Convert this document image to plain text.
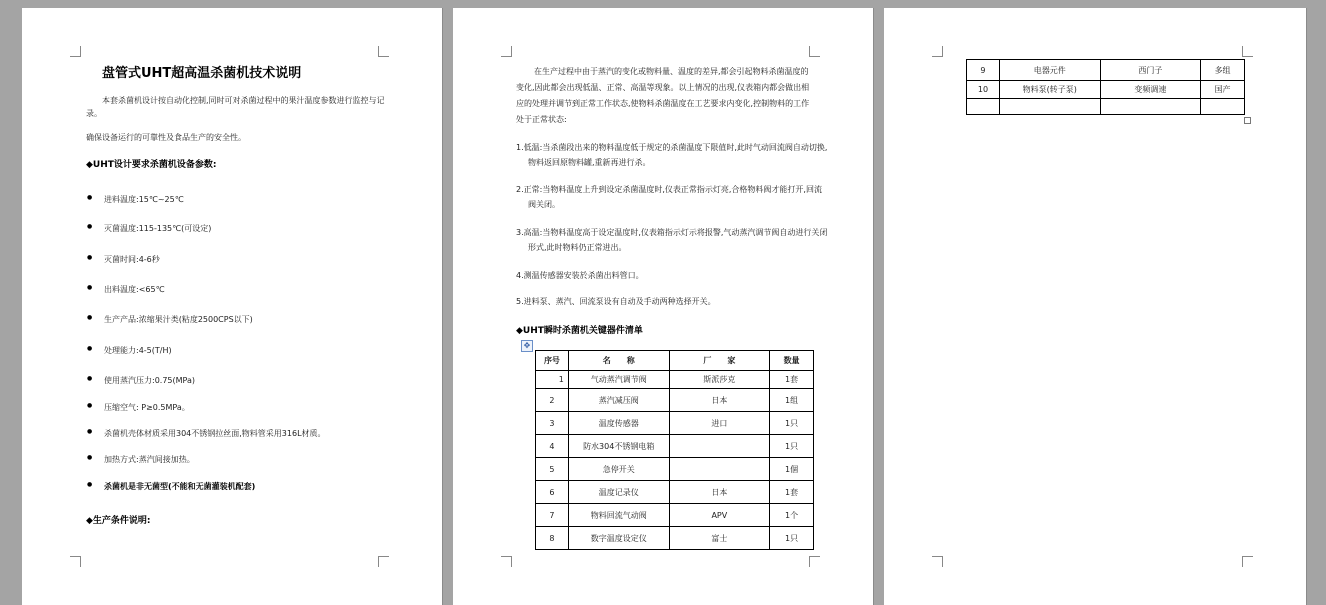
盘管式UHT超高温杀菌机技术说明
本套杀菌机设计按自动化控制,同时可对杀菌过程中的果汁温度参数进行监控与记录。
确保设备运行的可靠性及食品生产的安全性。
◆UHT设计要求杀菌机设备参数:
● 进料温度:15℃~25℃
● 灭菌温度:115-135℃(可设定)
● 灭菌时间:4-6秒
● 出料温度:<65℃
● 生产产品:浓缩果汁类(粘度2500CPS以下)
● 处理能力:4-5(T/H)
● 使用蒸汽压力:0.75(MPa)
● 压缩空气: P≥0.5MPa。
● 杀菌机壳体材质采用304不锈钢拉丝面,物料管采用316L材质。
● 加热方式:蒸汽间接加热。
● 杀菌机是非无菌型(不能和无菌灌装机配套)
◆生产条件说明:
在生产过程中由于蒸汽的变化或物料量、温度的差异,都会引起物料杀菌温度的变化,因此都会出现低温、正常、高温等现象。以上情况的出现,仪表箱内都会做出相应的处理并调节到正常工作状态,使物料杀菌温度在工艺要求内变化,控制物料的工作处于正常状态:
1.低温:当杀菌段出来的物料温度低于规定的杀菌温度下限值时,此时气动回流阀自动切换,物料返回原物料罐,重新再进行杀。
2.正常:当物料温度上升到设定杀菌温度时,仪表正常指示灯亮,合格物料阀才能打开,回流阀关闭。
3.高温:当物料温度高于设定温度时,仪表箱指示灯示将报警,气动蒸汽调节阀自动进行关闭形式,此时物料仍正常进出。
4.测温传感器安装於杀菌出料管口。
5.进料泵、蒸汽、回流泵设有自动及手动两种选择开关。
◆UHT瞬时杀菌机关键器件清单
✥
序号	名　　称	厂　　家	数量
1	气动蒸汽调节阀	斯派莎克	1套
2	蒸汽减压阀	日本	1组
3	温度传感器	进口	1只
4	防水304不锈钢电箱		1只
5	急停开关		1個
6	温度记录仪	日本	1套
7	物料回流气动阀	APV	1个
8	数字温度设定仪	富士	1只
9	电器元件	西门子	多组
10	物料泵(转子泵)	变频调速	国产
